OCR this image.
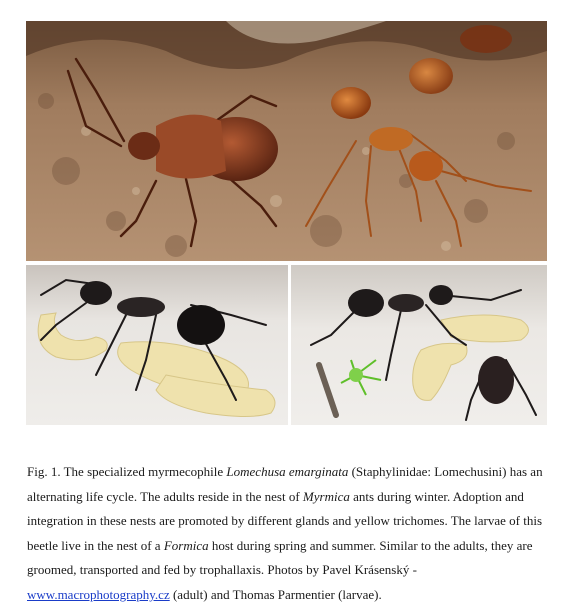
Fig. 1. The specialized myrmecophile Lomechusa emarginata (Staphylinidae: Lomechusini) has an alternating life cycle. The adults reside in the nest of Myrmica ants during winter. Adoption and integration in these nests are promoted by different glands and yellow trichomes. The larvae of this beetle live in the nest of a Formica host during spring and summer. Similar to the adults, they are groomed, transported and fed by trophallaxis. Photos by Pavel Krásenský - www.macrophotography.cz (adult) and Thomas Parmentier (larvae).
